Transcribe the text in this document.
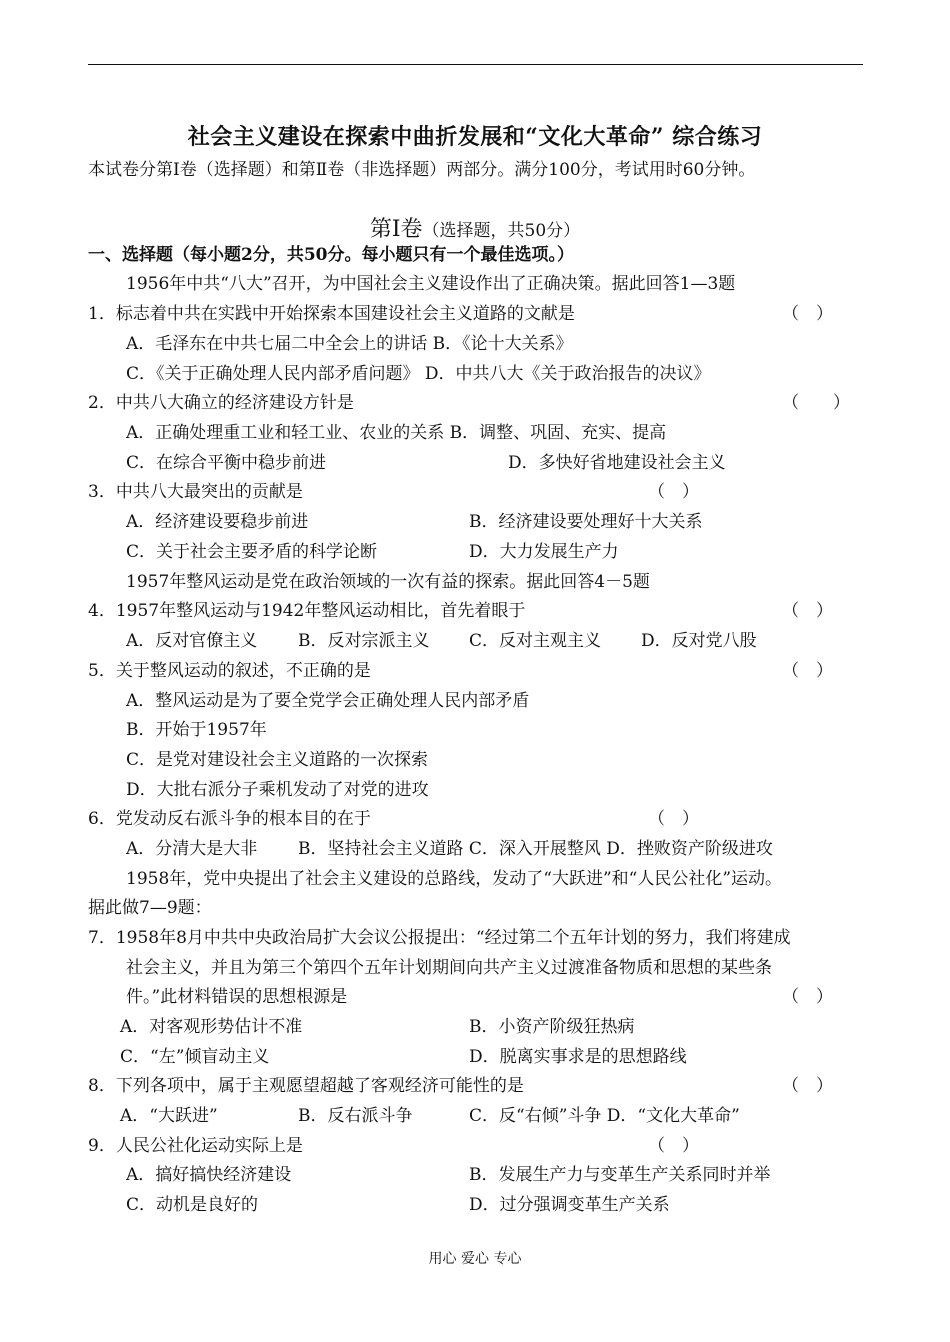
社会主义建设在探索中曲折发展和“文化大革命” 综合练习
本试卷分第Ⅰ卷（选择题）和第Ⅱ卷（非选择题）两部分。满分100分，考试用时60分钟。
第Ⅰ卷（选择题，共50分）
一、选择题（每小题2分，共50分。每小题只有一个最佳选项。）
1956年中共“八大”召开，为中国社会主义建设作出了正确决策。据此回答1—3题
1．标志着中共在实践中开始探索本国建设社会主义道路的文献是
A．毛泽东在中共七届二中全会上的讲话 B．《论十大关系》
C．《关于正确处理人民内部矛盾问题》 D．中共八大《关于政治报告的决议》
2．中共八大确立的经济建设方针是
A．正确处理重工业和轻工业、农业的关系 B．调整、巩固、充实、提高
C．在综合平衡中稳步前进	D．多快好省地建设社会主义
3．中共八大最突出的贡献是
A．经济建设要稳步前进	B．经济建设要处理好十大关系
C．关于社会主要矛盾的科学论断	D．大力发展生产力
1957年整风运动是党在政治领域的一次有益的探索。据此回答4－5题
4．1957年整风运动与1942年整风运动相比，首先着眼于
A．反对官僚主义 B．反对宗派主义 C．反对主观主义 D．反对党八股
5．关于整风运动的叙述，不正确的是
A．整风运动是为了要全党学会正确处理人民内部矛盾
B．开始于1957年
C．是党对建设社会主义道路的一次探索
D．大批右派分子乘机发动了对党的进攻
6．党发动反右派斗争的根本目的在于
A．分清大是大非 B．坚持社会主义道路 C．深入开展整风 D．挫败资产阶级进攻
1958年，党中央提出了社会主义建设的总路线，发动了“大跃进”和“人民公社化”运动。
据此做7—9题：
7．1958年8月中共中央政治局扩大会议公报提出：“经过第二个五年计划的努力，我们将建成
社会主义，并且为第三个第四个五年计划期间向共产主义过渡准备物质和思想的某些条
件。”此材料错误的思想根源是
A．对客观形势估计不准	B．小资产阶级狂热病
C．“左”倾盲动主义	D．脱离实事求是的思想路线
8．下列各项中，属于主观愿望超越了客观经济可能性的是
A．“大跃进”	B．反右派斗争	C．反“右倾”斗争 D．“文化大革命”
9．人民公社化运动实际上是
A．搞好搞快经济建设	B．发展生产力与变革生产关系同时并举
C．动机是良好的	D．过分强调变革生产关系
（　）
（　　）
（　）
（　）
（　）
（　）
（　）
（　）
（　）
用心 爱心 专心
